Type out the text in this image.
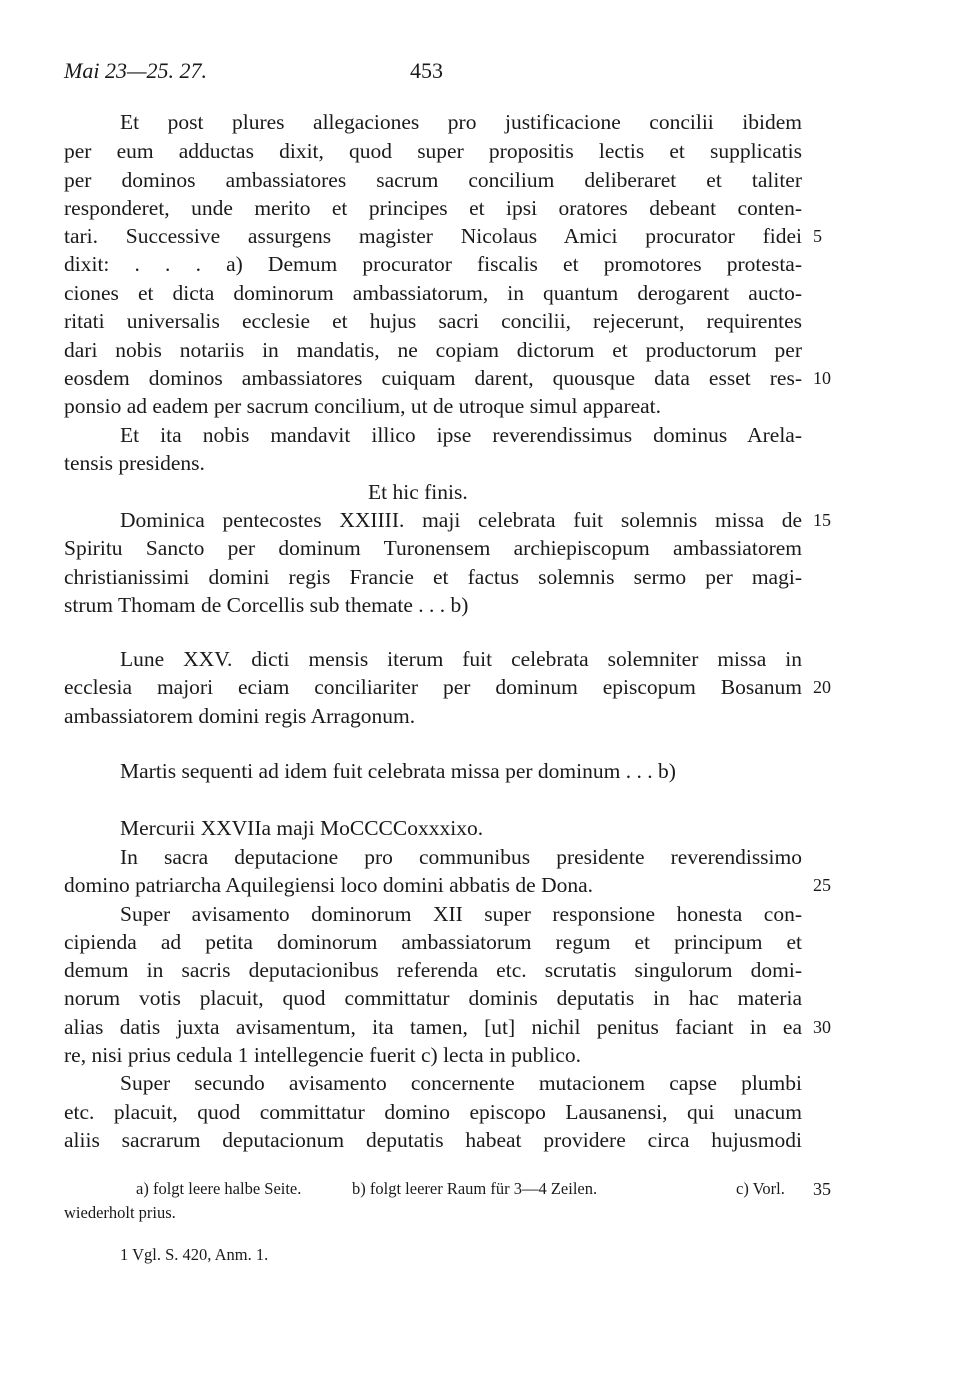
Mai 23—25. 27.	453
Et post plures allegaciones pro justificacione concilii ibidem
per eum adductas dixit, quod super propositis lectis et supplicatis
per dominos ambassiatores sacrum concilium deliberaret et taliter
responderet, unde merito et principes et ipsi oratores debeant conten-
tari. Successive assurgens magister Nicolaus Amici procurator fidei
dixit: . . . a) Demum procurator fiscalis et promotores protesta-
ciones et dicta dominorum ambassiatorum, in quantum derogarent aucto-
ritati universalis ecclesie et hujus sacri concilii, rejecerunt, requirentes
dari nobis notariis in mandatis, ne copiam dictorum et productorum per
eosdem dominos ambassiatores cuiquam darent, quousque data esset res-
ponsio ad eadem per sacrum concilium, ut de utroque simul appareat.
Et ita nobis mandavit illico ipse reverendissimus dominus Arela-
tensis presidens.
Et hic finis.
Dominica pentecostes XXIIII. maji celebrata fuit solemnis missa de
Spiritu Sancto per dominum Turonensem archiepiscopum ambassiatorem
christianissimi domini regis Francie et factus solemnis sermo per magi-
strum Thomam de Corcellis sub themate . . . b)
Lune XXV. dicti mensis iterum fuit celebrata solemniter missa in
ecclesia majori eciam conciliariter per dominum episcopum Bosanum
ambassiatorem domini regis Arragonum.
Martis sequenti ad idem fuit celebrata missa per dominum . . . b)
Mercurii XXVIIa maji MoCCCCoxxxixo.
In sacra deputacione pro communibus presidente reverendissimo
domino patriarcha Aquilegiensi loco domini abbatis de Dona.
Super avisamento dominorum XII super responsione honesta con-
cipienda ad petita dominorum ambassiatorum regum et principum et
demum in sacris deputacionibus referenda etc. scrutatis singulorum domi-
norum votis placuit, quod committatur dominis deputatis in hac materia
alias datis juxta avisamentum, ita tamen, [ut] nichil penitus faciant in ea
re, nisi prius cedula 1 intellegencie fuerit c) lecta in publico.
Super secundo avisamento concernente mutacionem capse plumbi
etc. placuit, quod committatur domino episcopo Lausanensi, qui unacum
aliis sacrarum deputacionum deputatis habeat providere circa hujusmodi
5
10
15
20
25
30
35
a) folgt leere halbe Seite.	b) folgt leerer Raum für 3—4 Zeilen.	c) Vorl.
wiederholt prius.
1 Vgl. S. 420, Anm. 1.
